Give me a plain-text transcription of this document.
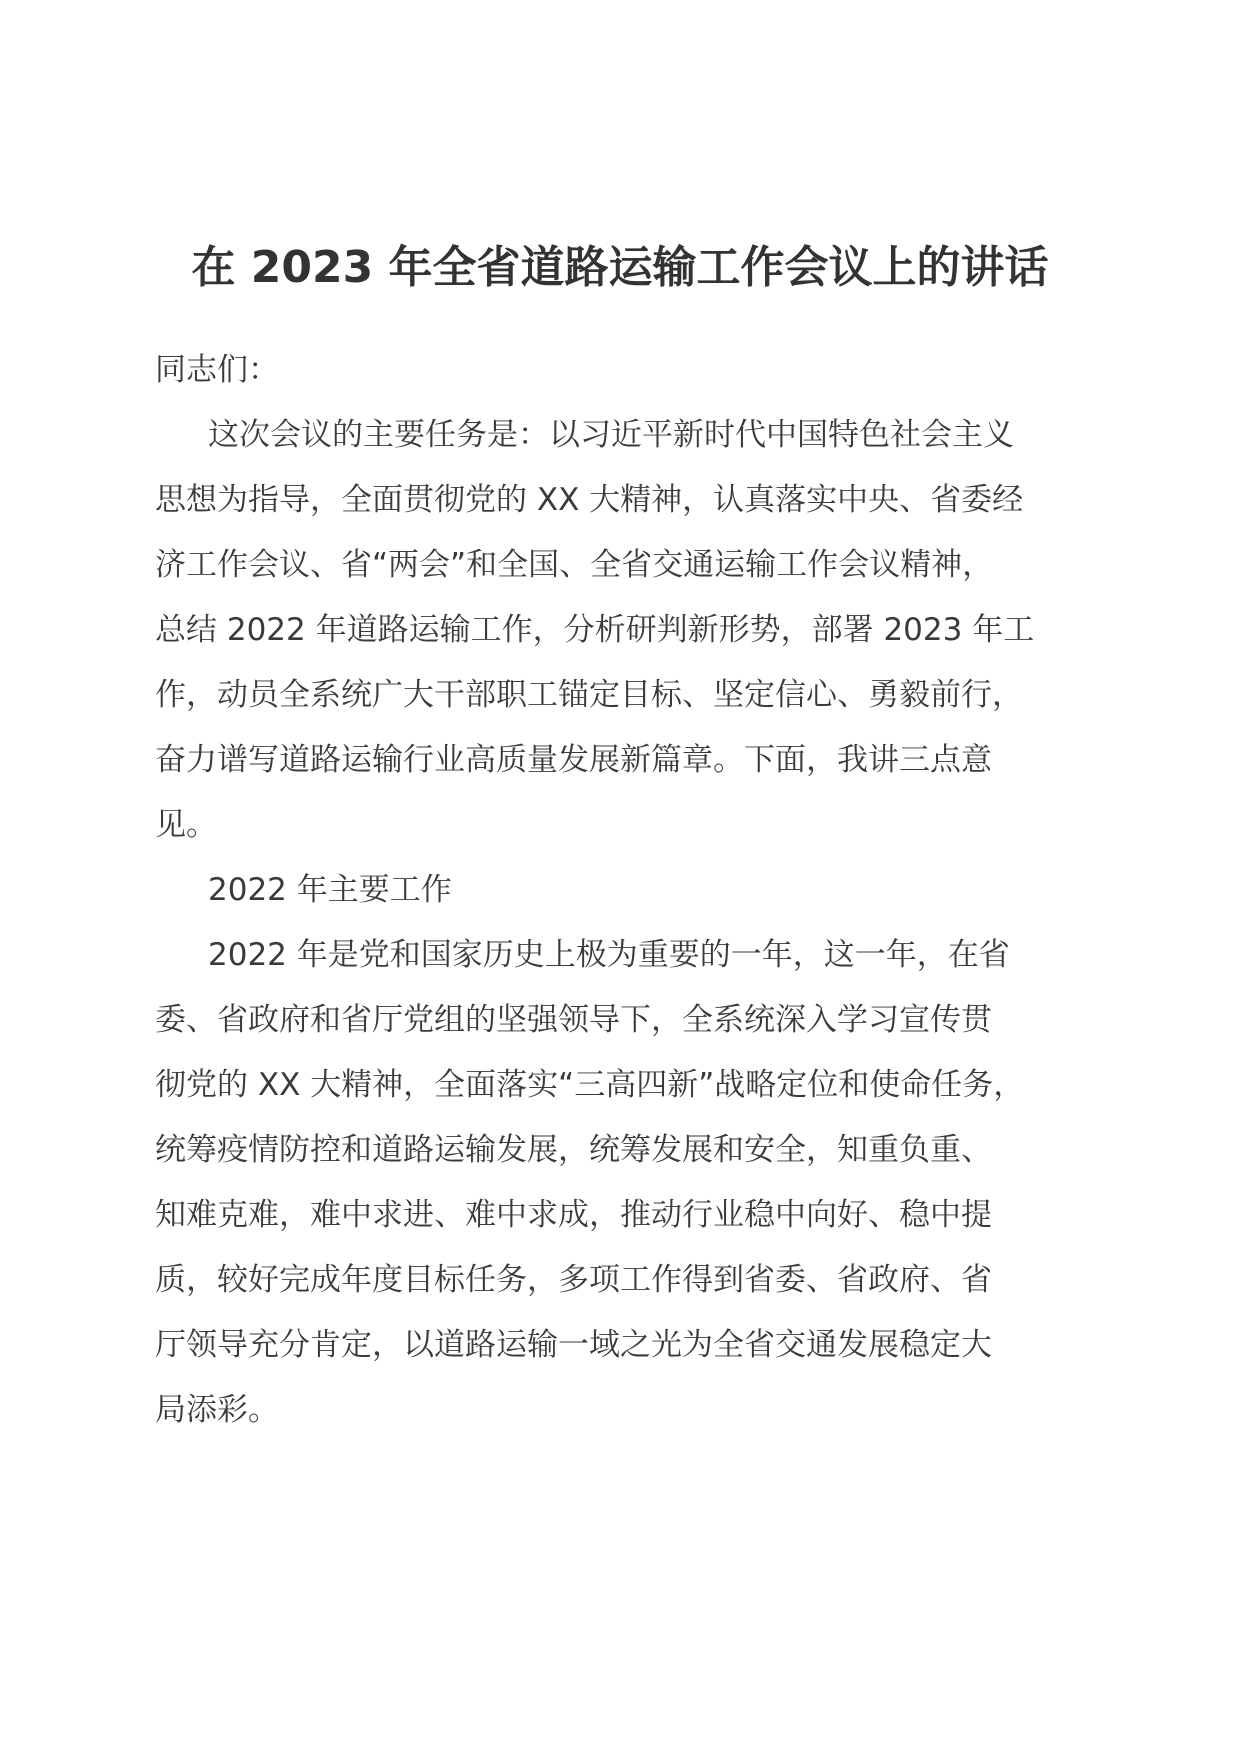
在 2023 年全省道路运输工作会议上的讲话
同志们：
这次会议的主要任务是：以习近平新时代中国特色社会主义
思想为指导，全面贯彻党的 XX 大精神，认真落实中央、省委经
济工作会议、省“两会”和全国、全省交通运输工作会议精神，
总结 2022 年道路运输工作，分析研判新形势，部署 2023 年工
作，动员全系统广大干部职工锚定目标、坚定信心、勇毅前行，
奋力谱写道路运输行业高质量发展新篇章。下面，我讲三点意
见。
2022 年主要工作
2022 年是党和国家历史上极为重要的一年，这一年，在省
委、省政府和省厅党组的坚强领导下，全系统深入学习宣传贯
彻党的 XX 大精神，全面落实“三高四新”战略定位和使命任务，
统筹疫情防控和道路运输发展，统筹发展和安全，知重负重、
知难克难，难中求进、难中求成，推动行业稳中向好、稳中提
质，较好完成年度目标任务，多项工作得到省委、省政府、省
厅领导充分肯定，以道路运输一域之光为全省交通发展稳定大
局添彩。
